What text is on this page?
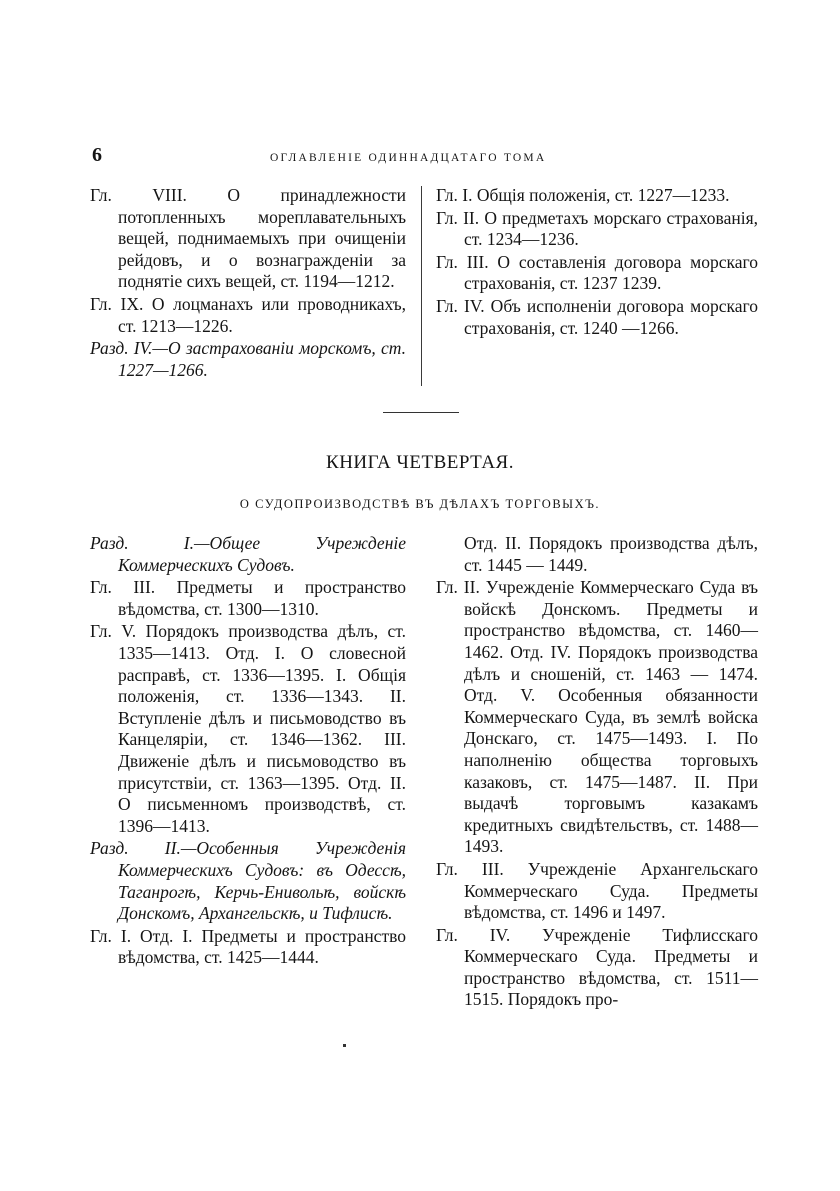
6	ОГЛАВЛЕНІЕ ОДИННАДЦАТАГО ТОМА

Гл. VIII. О принадлежности потопленныхъ мореплавательныхъ вещей, поднимаемыхъ при очищеніи рейдовъ, и о вознагражденіи за поднятіе сихъ вещей, ст. 1194—1212.

Гл. IX. О лоцманахъ или проводникахъ, ст. 1213—1226.

Разд. IV.—О застрахованіи морскомъ, ст. 1227—1266.

Гл. I. Общія положенія, ст. 1227—1233.

Гл. II. О предметахъ морскаго страхованія, ст. 1234—1236.

Гл. III. О составленія договора морскаго страхованія, ст. 1237 1239.

Гл. IV. Объ исполненіи договора морскаго страхованія, ст. 1240 —1266.

КНИГА ЧЕТВЕРТАЯ.
О СУДОПРОИЗВОДСТВѢ ВЪ ДѢЛАХЪ ТОРГОВЫХЪ.

Разд. I.—Общее Учрежденіе Коммерческихъ Судовъ.

Гл. III. Предметы и пространство вѣдомства, ст. 1300—1310.

Гл. V. Порядокъ производства дѣлъ, ст. 1335—1413. Отд. I. О словесной расправѣ, ст. 1336—1395. I. Общія положенія, ст. 1336—1343. II. Вступленіе дѣлъ и письмоводство въ Канцеляріи, ст. 1346—1362. III. Движеніе дѣлъ и письмоводство въ присутствіи, ст. 1363—1395. Отд. II. О письменномъ производствѣ, ст. 1396—1413.

Разд. II.—Особенныя Учрежденія Коммерческихъ Судовъ: въ Одессѣ, Таганрогѣ, Керчь-Енивольѣ, войскѣ Донскомъ, Архангельскѣ, и Тифлисѣ.

Гл. I. Отд. I. Предметы и пространство вѣдомства, ст. 1425—1444.

Отд. II. Порядокъ производства дѣлъ, ст. 1445 — 1449.

Гл. II. Учрежденіе Коммерческаго Суда въ войскѣ Донскомъ. Предметы и пространство вѣдомства, ст. 1460—1462. Отд. IV. Порядокъ производства дѣлъ и сношеній, ст. 1463 — 1474. Отд. V. Особенныя обязанности Коммерческаго Суда, въ землѣ войска Донскаго, ст. 1475—1493. I. По наполненію общества торговыхъ казаковъ, ст. 1475—1487. II. При выдачѣ торговымъ казакамъ кредитныхъ свидѣтельствъ, ст. 1488—1493.

Гл. III. Учрежденіе Архангельскаго Коммерческаго Суда. Предметы вѣдомства, ст. 1496 и 1497.

Гл. IV. Учрежденіе Тифлисскаго Коммерческаго Суда. Предметы и пространство вѣдомства, ст. 1511—1515. Порядокъ про-
